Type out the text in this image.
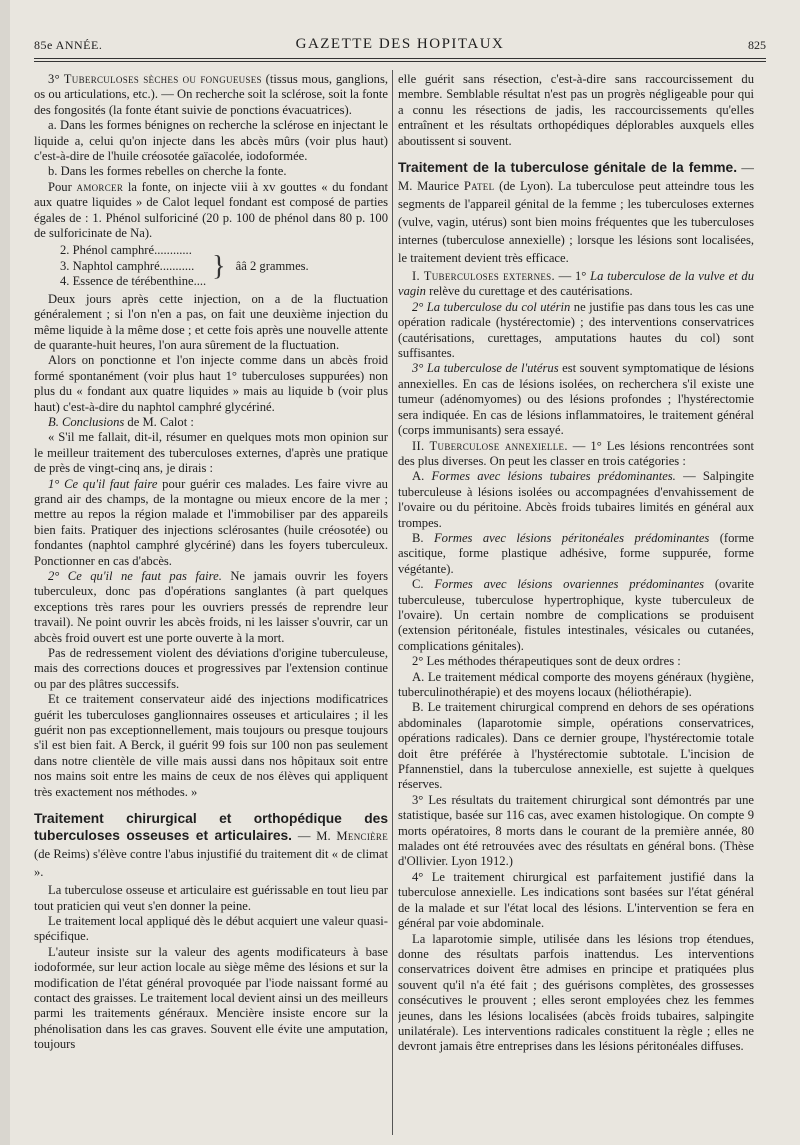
85e ANNÉE.	GAZETTE DES HOPITAUX	825

3° Tuberculoses sèches ou fongueuses (tissus mous, ganglions, os ou articulations, etc.). — On recherche soit la sclérose, soit la fonte des fongosités (la fonte étant suivie de ponctions évacuatrices).

a. Dans les formes bénignes on recherche la sclérose en injectant le liquide a, celui qu'on injecte dans les abcès mûrs (voir plus haut) c'est-à-dire de l'huile créosotée gaïacolée, iodoformée.

b. Dans les formes rebelles on cherche la fonte.

Pour amorcer la fonte, on injecte viii à xv gouttes « du fondant aux quatre liquides » de Calot lequel fondant est composé de parties égales de : 1. Phénol sulforiciné (20 p. 100 de phénol dans 80 p. 100 de sulforicinate de Na).

2. Phénol camphré............	}	ââ 2 grammes.
3. Naphtol camphré...........
4. Essence de térébenthine....

Deux jours après cette injection, on a de la fluctuation généralement ; si l'on n'en a pas, on fait une deuxième injection du même liquide à la même dose ; et cette fois après une nouvelle attente de quarante-huit heures, l'on aura sûrement de la fluctuation.

Alors on ponctionne et l'on injecte comme dans un abcès froid formé spontanément (voir plus haut 1° tuberculoses suppurées) non plus du « fondant aux quatre liquides » mais au liquide b (voir plus haut) c'est-à-dire du naphtol camphré glycériné.

B. Conclusions de M. Calot :

« S'il me fallait, dit-il, résumer en quelques mots mon opinion sur le meilleur traitement des tuberculoses externes, d'après une pratique de près de vingt-cinq ans, je dirais :

1° Ce qu'il faut faire pour guérir ces malades. Les faire vivre au grand air des champs, de la montagne ou mieux encore de la mer ; mettre au repos la région malade et l'immobiliser par des appareils bien faits. Pratiquer des injections sclérosantes (huile créosotée) ou fondantes (naphtol camphré glycériné) dans les foyers tuberculeux. Ponctionner en cas d'abcès.

2° Ce qu'il ne faut pas faire. Ne jamais ouvrir les foyers tuberculeux, donc pas d'opérations sanglantes (à part quelques exceptions très rares pour les ouvriers pressés de reprendre leur travail). Ne point ouvrir les abcès froids, ni les laisser s'ouvrir, car un abcès froid ouvert est une porte ouverte à la mort.

Pas de redressement violent des déviations d'origine tuberculeuse, mais des corrections douces et progressives par l'extension continue ou par des plâtres successifs.

Et ce traitement conservateur aidé des injections modificatrices guérit les tuberculoses ganglionnaires osseuses et articulaires ; il les guérit non pas exceptionnellement, mais toujours ou presque toujours s'il est bien fait. A Berck, il guérit 99 fois sur 100 non pas seulement dans notre clientèle de ville mais aussi dans nos hôpitaux soit entre nos mains soit entre les mains de ceux de nos élèves qui appliquent très exactement nos méthodes. »

Traitement chirurgical et orthopédique des tuberculoses osseuses et articulaires. — M. Mencière (de Reims) s'élève contre l'abus injustifié du traitement dit « de climat ».

La tuberculose osseuse et articulaire est guérissable en tout lieu par tout praticien qui veut s'en donner la peine.

Le traitement local appliqué dès le début acquiert une valeur quasi-spécifique.

L'auteur insiste sur la valeur des agents modificateurs à base iodoformée, sur leur action locale au siège même des lésions et sur la modification de l'état général provoquée par l'iode naissant formé au contact des graisses. Le traitement local devient ainsi un des meilleurs parmi les traitements généraux. Mencière insiste encore sur la phénolisation dans les cas graves. Souvent elle évite une amputation, toujours

elle guérit sans résection, c'est-à-dire sans raccourcissement du membre. Semblable résultat n'est pas un progrès négligeable pour qui a connu les résections de jadis, les raccourcissements qu'elles entraînent et les résultats orthopédiques déplorables auxquels elles aboutissent si souvent.

Traitement de la tuberculose génitale de la femme. — M. Maurice Patel (de Lyon). La tuberculose peut atteindre tous les segments de l'appareil génital de la femme ; les tuberculoses externes (vulve, vagin, utérus) sont bien moins fréquentes que les tuberculoses internes (tuberculose annexielle) ; lorsque les lésions sont localisées, le traitement devient très efficace.

I. Tuberculoses externes. — 1° La tuberculose de la vulve et du vagin relève du curettage et des cautérisations.

2° La tuberculose du col utérin ne justifie pas dans tous les cas une opération radicale (hystérectomie) ; des interventions conservatrices (cautérisations, curettages, amputations hautes du col) sont suffisantes.

3° La tuberculose de l'utérus est souvent symptomatique de lésions annexielles. En cas de lésions isolées, on recherchera s'il existe une tumeur (adénomyomes) ou des lésions profondes ; l'hystérectomie sera indiquée. En cas de lésions inflammatoires, le traitement général (corps immunisants) sera essayé.

II. Tuberculose annexielle. — 1° Les lésions rencontrées sont des plus diverses. On peut les classer en trois catégories :

A. Formes avec lésions tubaires prédominantes. — Salpingite tuberculeuse à lésions isolées ou accompagnées d'envahissement de l'ovaire ou du péritoine. Abcès froids tubaires limités en général aux trompes.

B. Formes avec lésions péritonéales prédominantes (forme ascitique, forme plastique adhésive, forme suppurée, forme végétante).

C. Formes avec lésions ovariennes prédominantes (ovarite tuberculeuse, tuberculose hypertrophique, kyste tuberculeux de l'ovaire). Un certain nombre de complications se produisent (extension péritonéale, fistules intestinales, vésicales ou cutanées, complications génitales).

2° Les méthodes thérapeutiques sont de deux ordres :

A. Le traitement médical comporte des moyens généraux (hygiène, tuberculinothérapie) et des moyens locaux (héliothérapie).

B. Le traitement chirurgical comprend en dehors de ses opérations abdominales (laparotomie simple, opérations conservatrices, opérations radicales). Dans ce dernier groupe, l'hystérectomie totale doit être préférée à l'hystérectomie subtotale. L'incision de Pfannenstiel, dans la tuberculose annexielle, est sujette à quelques réserves.

3° Les résultats du traitement chirurgical sont démontrés par une statistique, basée sur 116 cas, avec examen histologique. On compte 9 morts opératoires, 8 morts dans le courant de la première année, 80 malades ont été retrouvées avec des résultats en général bons. (Thèse d'Ollivier. Lyon 1912.)

4° Le traitement chirurgical est parfaitement justifié dans la tuberculose annexielle. Les indications sont basées sur l'état général de la malade et sur l'état local des lésions. L'intervention se fera en général par voie abdominale.

La laparotomie simple, utilisée dans les lésions trop étendues, donne des résultats parfois inattendus. Les interventions conservatrices doivent être admises en principe et pratiquées plus souvent qu'il n'a été fait ; des guérisons complètes, des grossesses consécutives le prouvent ; elles seront employées chez les femmes jeunes, dans les lésions localisées (abcès froids tubaires, salpingite unilatérale). Les interventions radicales constituent la règle ; elles ne devront jamais être entreprises dans les lésions péritonéales diffuses.
